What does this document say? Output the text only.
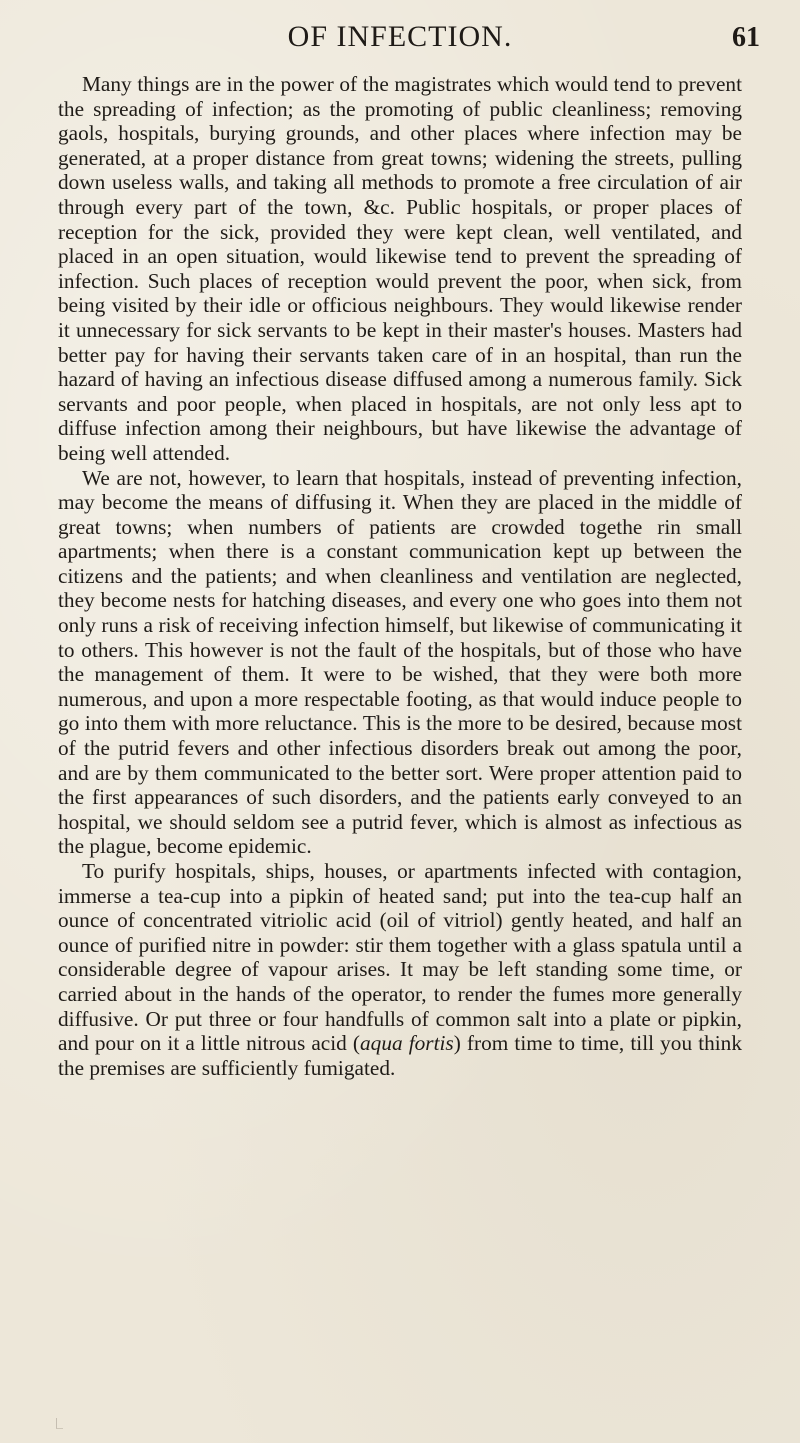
OF INFECTION.	61

Many things are in the power of the magistrates which would tend to prevent the spreading of infection; as the promoting of public cleanliness; removing gaols, hospitals, burying grounds, and other places where infection may be generated, at a proper distance from great towns; widening the streets, pulling down useless walls, and taking all methods to promote a free circulation of air through every part of the town, &c. Public hospitals, or proper places of reception for the sick, provided they were kept clean, well ventilated, and placed in an open situation, would likewise tend to prevent the spreading of infection. Such places of reception would prevent the poor, when sick, from being visited by their idle or officious neighbours. They would likewise render it unnecessary for sick servants to be kept in their master's houses. Masters had better pay for having their servants taken care of in an hospital, than run the hazard of having an infectious disease diffused among a numerous family. Sick servants and poor people, when placed in hospitals, are not only less apt to diffuse infection among their neighbours, but have likewise the advantage of being well attended.

We are not, however, to learn that hospitals, instead of preventing infection, may become the means of diffusing it. When they are placed in the middle of great towns; when numbers of patients are crowded togethe rin small apartments; when there is a constant communication kept up between the citizens and the patients; and when cleanliness and ventilation are neglected, they become nests for hatching diseases, and every one who goes into them not only runs a risk of receiving infection himself, but likewise of communicating it to others. This however is not the fault of the hospitals, but of those who have the management of them. It were to be wished, that they were both more numerous, and upon a more respectable footing, as that would induce people to go into them with more reluctance. This is the more to be desired, because most of the putrid fevers and other infectious disorders break out among the poor, and are by them communicated to the better sort. Were proper attention paid to the first appearances of such disorders, and the patients early conveyed to an hospital, we should seldom see a putrid fever, which is almost as infectious as the plague, become epidemic.

To purify hospitals, ships, houses, or apartments infected with contagion, immerse a tea-cup into a pipkin of heated sand; put into the tea-cup half an ounce of concentrated vitriolic acid (oil of vitriol) gently heated, and half an ounce of purified nitre in powder: stir them together with a glass spatula until a considerable degree of vapour arises. It may be left standing some time, or carried about in the hands of the operator, to render the fumes more generally diffusive. Or put three or four handfulls of common salt into a plate or pipkin, and pour on it a little nitrous acid (aqua fortis) from time to time, till you think the premises are sufficiently fumigated.
